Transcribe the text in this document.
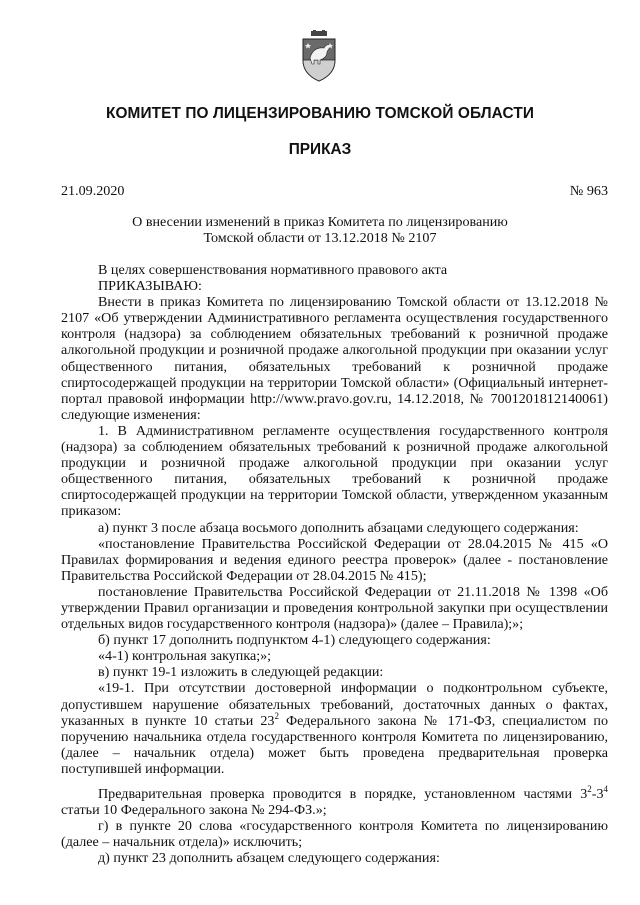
КОМИТЕТ ПО ЛИЦЕНЗИРОВАНИЮ ТОМСКОЙ ОБЛАСТИ
ПРИКАЗ
21.09.2020	№ 963
О внесении изменений в приказ Комитета по лицензированию
Томской области от 13.12.2018 № 2107

В целях совершенствования нормативного правового акта

ПРИКАЗЫВАЮ:

Внести в приказ Комитета по лицензированию Томской области от 13.12.2018 № 2107 «Об утверждении Административного регламента осуществления государственного контроля (надзора) за соблюдением обязательных требований к розничной продаже алкогольной продукции и розничной продаже алкогольной продукции при оказании услуг общественного питания, обязательных требований к розничной продаже спиртосодержащей продукции на территории Томской области» (Официальный интернет-портал правовой информации http://www.pravo.gov.ru, 14.12.2018, № 7001201812140061) следующие изменения:

1. В Административном регламенте осуществления государственного контроля (надзора) за соблюдением обязательных требований к розничной продаже алкогольной продукции и розничной продаже алкогольной продукции при оказании услуг общественного питания, обязательных требований к розничной продаже спиртосодержащей продукции на территории Томской области, утвержденном указанным приказом:

а) пункт 3 после абзаца восьмого дополнить абзацами следующего содержания:

«постановление Правительства Российской Федерации от 28.04.2015 № 415 «О Правилах формирования и ведения единого реестра проверок» (далее - постановление Правительства Российской Федерации от 28.04.2015 № 415);

постановление Правительства Российской Федерации от 21.11.2018 № 1398 «Об утверждении Правил организации и проведения контрольной закупки при осуществлении отдельных видов государственного контроля (надзора)» (далее – Правила);»;

б) пункт 17 дополнить подпунктом 4-1) следующего содержания:

«4-1) контрольная закупка;»;

в) пункт 19-1 изложить в следующей редакции:

«19-1. При отсутствии достоверной информации о подконтрольном субъекте, допустившем нарушение обязательных требований, достаточных данных о фактах, указанных в пункте 10 статьи $23^2$ Федерального закона № 171-ФЗ, специалистом по поручению начальника отдела государственного контроля Комитета по лицензированию, (далее – начальник отдела) может быть проведена предварительная проверка поступившей информации.

Предварительная проверка проводится в порядке, установленном частями $3^2-3^4$ статьи 10 Федерального закона № 294-ФЗ.»;

г) в пункте 20 слова «государственного контроля Комитета по лицензированию (далее – начальник отдела)» исключить;

д) пункт 23 дополнить абзацем следующего содержания:
